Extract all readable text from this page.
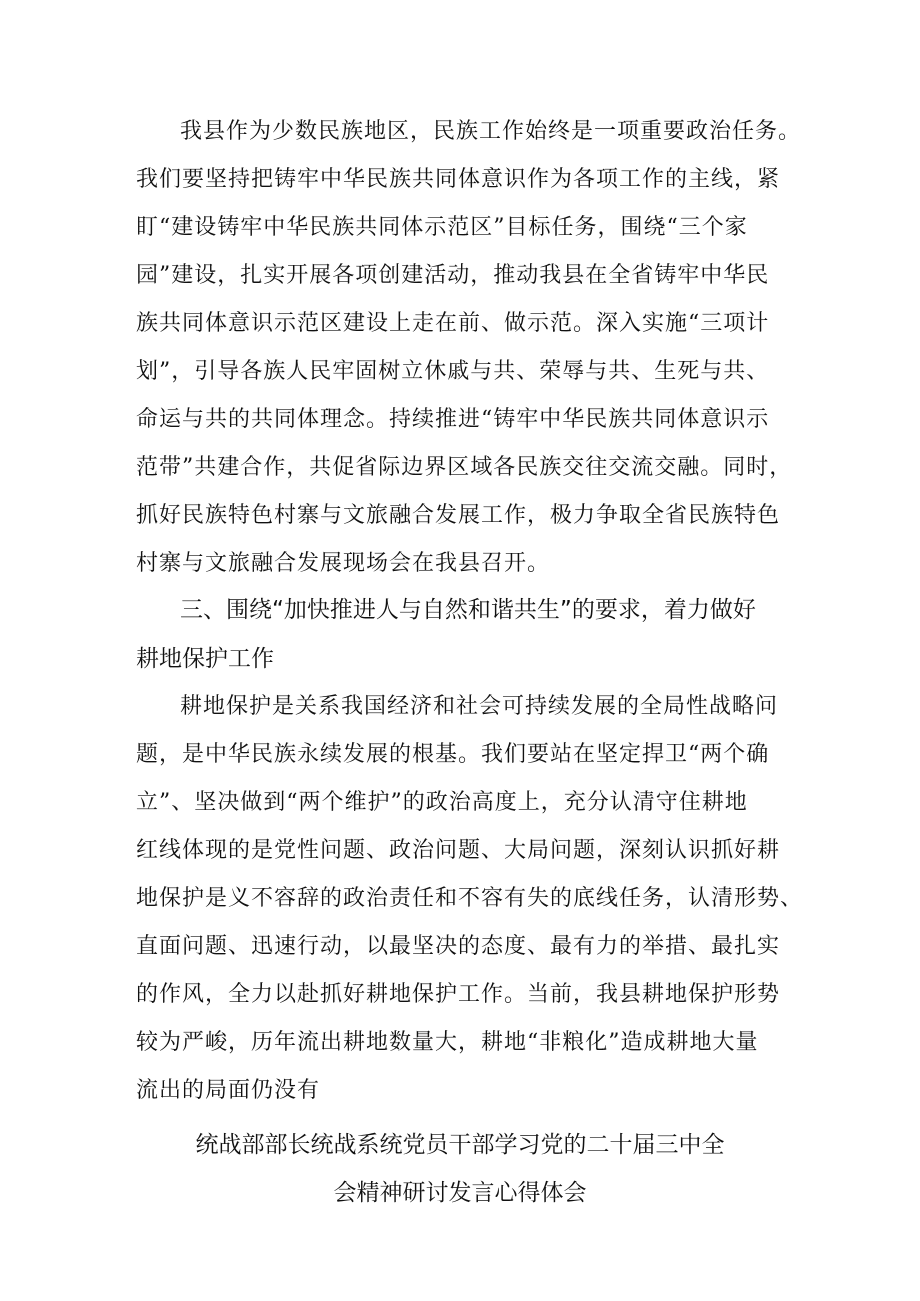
我县作为少数民族地区，民族工作始终是一项重要政治任务。

我们要坚持把铸牢中华民族共同体意识作为各项工作的主线，紧

盯“建设铸牢中华民族共同体示范区”目标任务，围绕“三个家

园”建设，扎实开展各项创建活动，推动我县在全省铸牢中华民

族共同体意识示范区建设上走在前、做示范。深入实施“三项计

划”，引导各族人民牢固树立休戚与共、荣辱与共、生死与共、

命运与共的共同体理念。持续推进“铸牢中华民族共同体意识示

范带”共建合作，共促省际边界区域各民族交往交流交融。同时，

抓好民族特色村寨与文旅融合发展工作，极力争取全省民族特色

村寨与文旅融合发展现场会在我县召开。

三、围绕“加快推进人与自然和谐共生”的要求，着力做好

耕地保护工作

耕地保护是关系我国经济和社会可持续发展的全局性战略问

题，是中华民族永续发展的根基。我们要站在坚定捍卫“两个确

立”、坚决做到“两个维护”的政治高度上，充分认清守住耕地

红线体现的是党性问题、政治问题、大局问题，深刻认识抓好耕

地保护是义不容辞的政治责任和不容有失的底线任务，认清形势、

直面问题、迅速行动，以最坚决的态度、最有力的举措、最扎实

的作风，全力以赴抓好耕地保护工作。当前，我县耕地保护形势

较为严峻，历年流出耕地数量大，耕地“非粮化”造成耕地大量

流出的局面仍没有

统战部部长统战系统党员干部学习党的二十届三中全

会精神研讨发言心得体会
